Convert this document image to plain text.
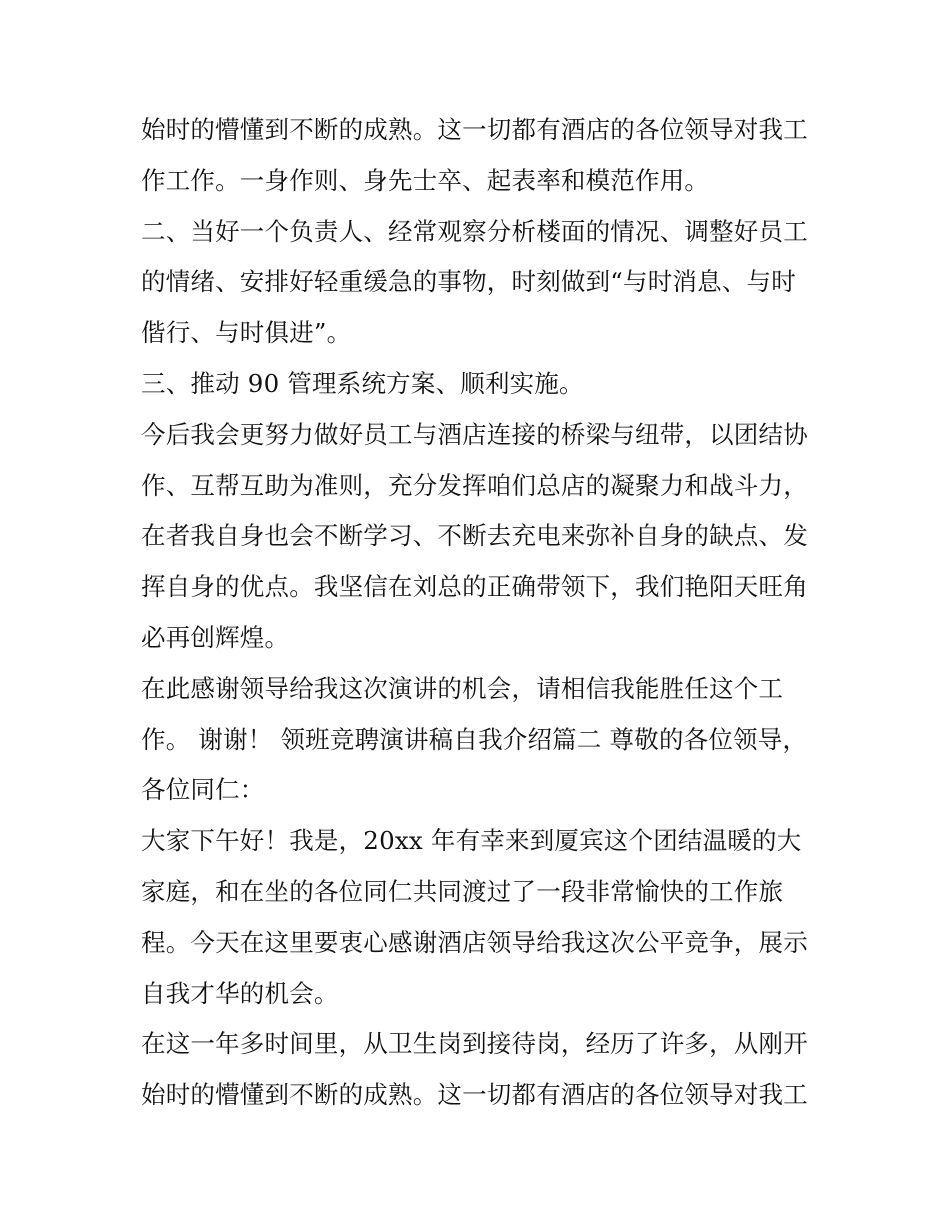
始时的懵懂到不断的成熟。这一切都有酒店的各位领导对我工
作工作。一身作则、身先士卒、起表率和模范作用。
二、当好一个负责人、经常观察分析楼面的情况、调整好员工
的情绪、安排好轻重缓急的事物，时刻做到“与时消息、与时
偕行、与时俱进”。
三、推动 90 管理系统方案、顺利实施。
今后我会更努力做好员工与酒店连接的桥梁与纽带，以团结协
作、互帮互助为准则，充分发挥咱们总店的凝聚力和战斗力，
在者我自身也会不断学习、不断去充电来弥补自身的缺点、发
挥自身的优点。我坚信在刘总的正确带领下，我们艳阳天旺角
必再创辉煌。
在此感谢领导给我这次演讲的机会，请相信我能胜任这个工
作。 谢谢！ 领班竞聘演讲稿自我介绍篇二 尊敬的各位领导，
各位同仁：
大家下午好！我是，20xx 年有幸来到厦宾这个团结温暖的大
家庭，和在坐的各位同仁共同渡过了一段非常愉快的工作旅
程。今天在这里要衷心感谢酒店领导给我这次公平竞争，展示
自我才华的机会。
在这一年多时间里，从卫生岗到接待岗，经历了许多，从刚开
始时的懵懂到不断的成熟。这一切都有酒店的各位领导对我工
